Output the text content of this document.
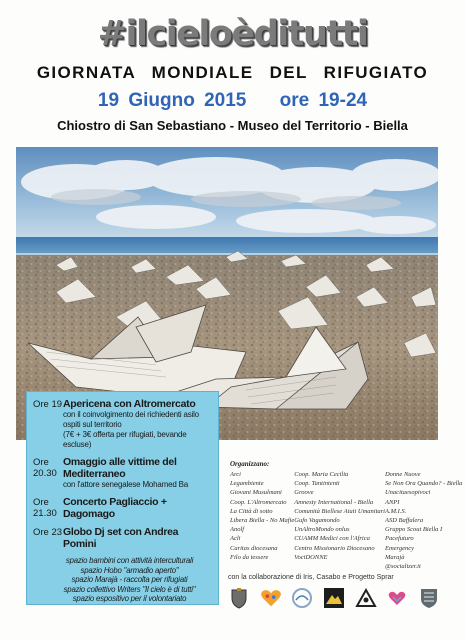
#ilcieloèditutti
GIORNATA MONDIALE DEL RIFUGIATO
19 Giugno 2015 ore 19-24
Chiostro di San Sebastiano - Museo del Territorio - Biella
Ore 19 Apericena con Altromercato
con il coinvolgimento dei richiedenti asilo ospiti sul territorio
(7€ + 3€ offerta per rifugiati, bevande escluse)
Ore 20.30
Omaggio alle vittime del Mediterraneo
con l'attore senegalese Mohamed Ba
Ore 21.30
Concerto Pagliaccio + Dagomago
Ore 23 Globo Dj set con Andrea Pomini
spazio bambini con attività interculturali
spazio Hobo "armadio aperto"
spazio Marajà - raccolta per rifugiati
spazio collettivo Writers "Il cielo è di tutti"
spazio espositivo per il volontariato
Organizzano:
Arci
Legambiente
Giovani Musulmani
Coop. L'Altromercato
La Città di sotto
Libera Biella - No Mafie
Anolf
Acli
Caritas diocesana
Filo da tessere
Coop. Maria Cecilia
Coop. Tantintenti
Groove
Amnesty International - Biella
Comunità Biellese Aiuti Umanitari
Gufo Vagamondo
UnAltroMondo onlus
CUAMM Medici con l'Africa
Centro Missionario Diocesano
VociDONNE
Donne Nuove
Se Non Ora Quando? - Biella
Unacitaesopivoci
ANPI
A.M.I.S.
ASD Baffalera
Gruppo Scout Biella I
Pacefuturo
Emergency
Marajà
@socializer.it
con la collaborazione di Iris, Casabo e Progetto Sprar
